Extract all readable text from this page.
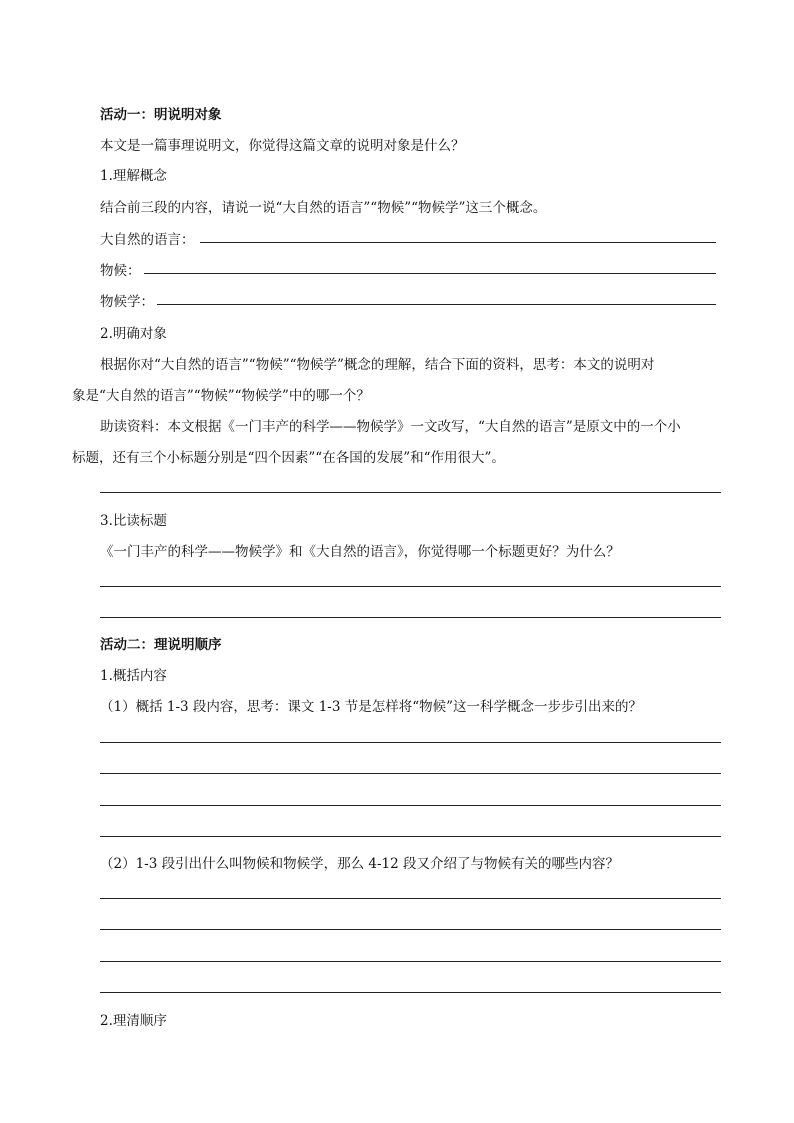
活动一：明说明对象
本文是一篇事理说明文，你觉得这篇文章的说明对象是什么？
1.理解概念
结合前三段的内容，请说一说“大自然的语言”“物候”“物候学”这三个概念。
大自然的语言：
物候：
物候学：
2.明确对象
根据你对“大自然的语言”“物候”“物候学”概念的理解，结合下面的资料，思考：本文的说明对
象是“大自然的语言”“物候”“物候学”中的哪一个？
助读资料：本文根据《一门丰产的科学——物候学》一文改写，“大自然的语言”是原文中的一个小
标题，还有三个小标题分别是“四个因素”“在各国的发展”和“作用很大”。
3.比读标题
《一门丰产的科学——物候学》和《大自然的语言》，你觉得哪一个标题更好？为什么？
活动二：理说明顺序
1.概括内容
（1）概括 1-3 段内容，思考：课文 1-3 节是怎样将“物候”这一科学概念一步步引出来的？
（2）1-3 段引出什么叫物候和物候学，那么 4-12 段又介绍了与物候有关的哪些内容？
2.理清顺序
